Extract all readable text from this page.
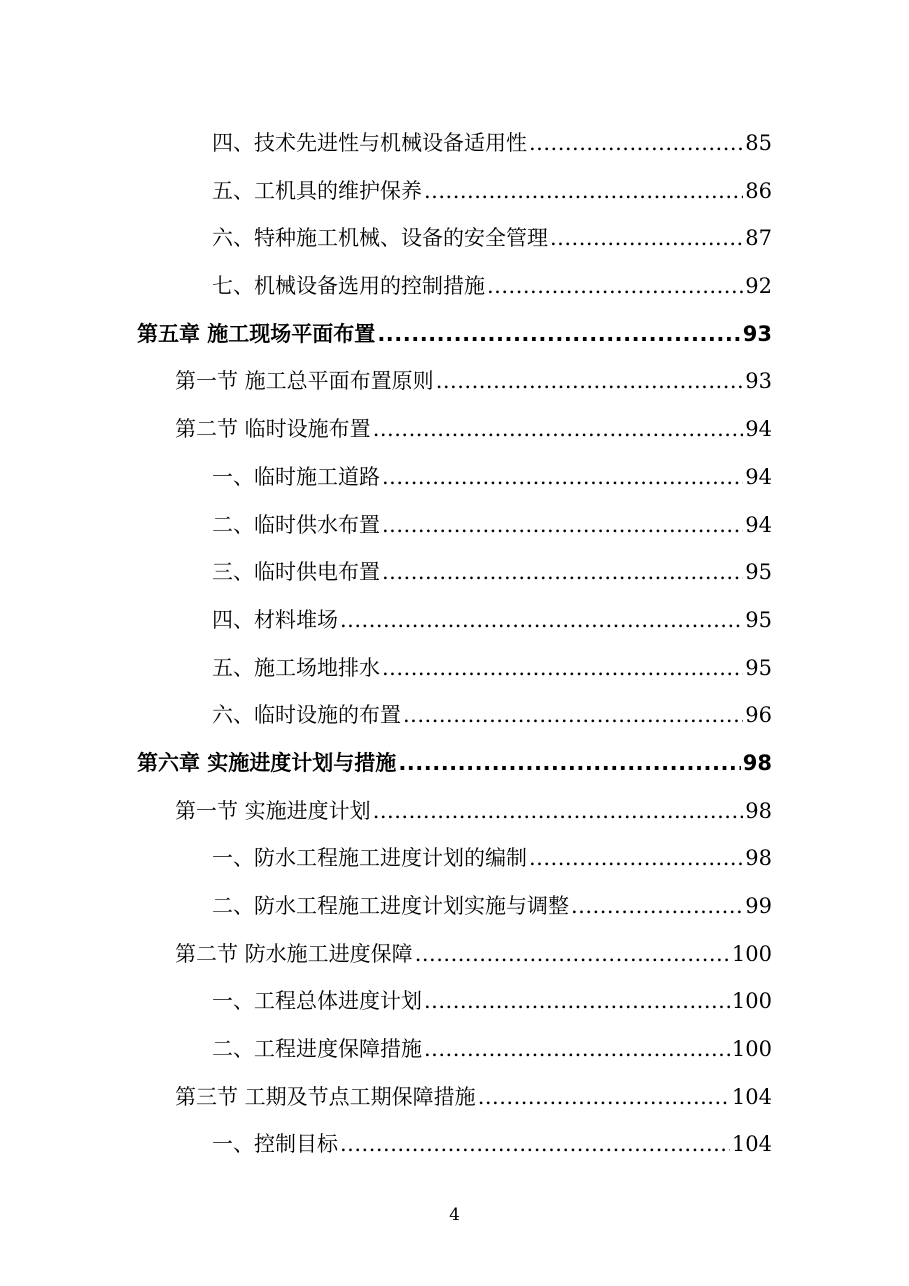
四、技术先进性与机械设备适用性 .....	85
五、工机具的维护保养 .....	86
六、特种施工机械、设备的安全管理 .....	87
七、机械设备选用的控制措施 .....	92
第五章 施工现场平面布置 .....	93
第一节 施工总平面布置原则 .....	93
第二节 临时设施布置 .....	94
一、临时施工道路 .....	94
二、临时供水布置 .....	94
三、临时供电布置 .....	95
四、材料堆场 .....	95
五、施工场地排水 .....	95
六、临时设施的布置 .....	96
第六章 实施进度计划与措施 .....	98
第一节 实施进度计划 .....	98
一、防水工程施工进度计划的编制 .....	98
二、防水工程施工进度计划实施与调整 .....	99
第二节 防水施工进度保障 .....	100
一、工程总体进度计划 .....	100
二、工程进度保障措施 .....	100
第三节 工期及节点工期保障措施 .....	104
一、控制目标 .....	104
4
